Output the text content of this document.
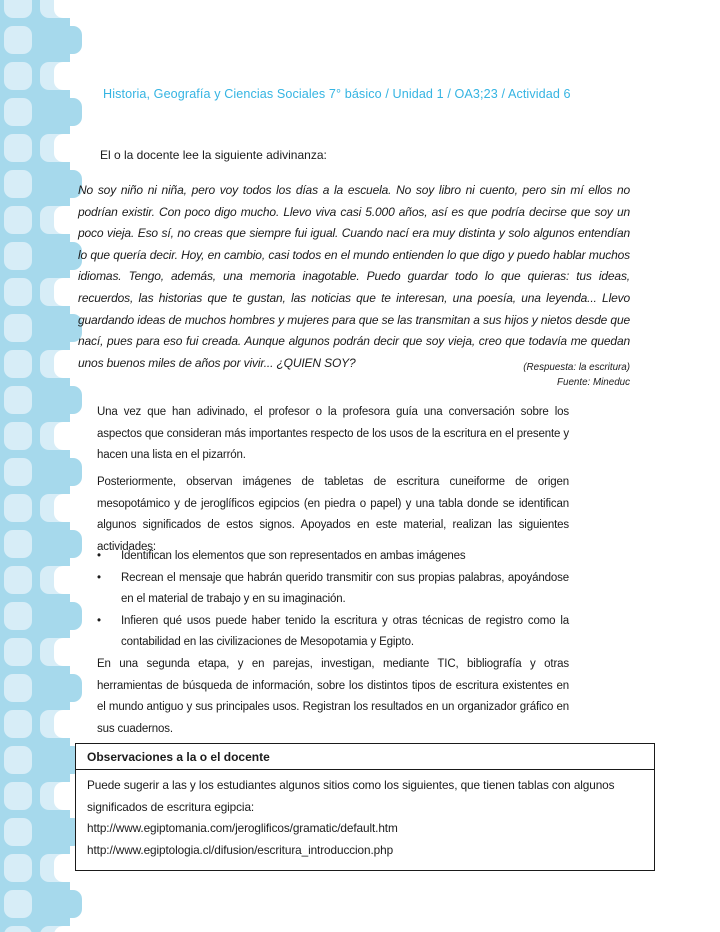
Historia, Geografía y Ciencias Sociales 7° básico / Unidad 1 / OA3;23 / Actividad 6
El o la docente lee la siguiente adivinanza:
No soy niño ni niña, pero voy todos los días a la escuela. No soy libro ni cuento, pero sin mí ellos no podrían existir. Con poco digo mucho. Llevo viva casi 5.000 años, así es que podría decirse que soy un poco vieja. Eso sí, no creas que siempre fui igual. Cuando nací era muy distinta y solo algunos entendían lo que quería decir. Hoy, en cambio, casi todos en el mundo entienden lo que digo y puedo hablar muchos idiomas. Tengo, además, una memoria inagotable. Puedo guardar todo lo que quieras: tus ideas, recuerdos, las historias que te gustan, las noticias que te interesan, una poesía, una leyenda... Llevo guardando ideas de muchos hombres y mujeres para que se las transmitan a sus hijos y nietos desde que nací, pues para eso fui creada. Aunque algunos podrán decir que soy vieja, creo que todavía me quedan unos buenos miles de años por vivir... ¿QUIEN SOY?	(Respuesta: la escritura)
Fuente: Mineduc
Una vez que han adivinado, el profesor o la profesora guía una conversación sobre los aspectos que consideran más importantes respecto de los usos de la escritura en el presente y hacen una lista en el pizarrón.
Posteriormente, observan imágenes de tabletas de escritura cuneiforme de origen mesopotámico y de jeroglíficos egipcios (en piedra o papel) y una tabla donde se identifican algunos significados de estos signos. Apoyados en este material, realizan las siguientes actividades:
•	Identifican los elementos que son representados en ambas imágenes
•	Recrean el mensaje que habrán querido transmitir con sus propias palabras, apoyándose en el material de trabajo y en su imaginación.
•	Infieren qué usos puede haber tenido la escritura y otras técnicas de registro como la contabilidad en las civilizaciones de Mesopotamia y Egipto.
En una segunda etapa, y en parejas, investigan, mediante TIC, bibliografía y otras herramientas de búsqueda de información, sobre los distintos tipos de escritura existentes en el mundo antiguo y sus principales usos. Registran los resultados en un organizador gráfico en sus cuadernos.
Observaciones a la o el docente
Puede sugerir a las y los estudiantes algunos sitios como los siguientes, que tienen tablas con algunos significados de escritura egipcia:
http://www.egiptomania.com/jeroglificos/gramatic/default.htm
http://www.egiptologia.cl/difusion/escritura_introduccion.php
